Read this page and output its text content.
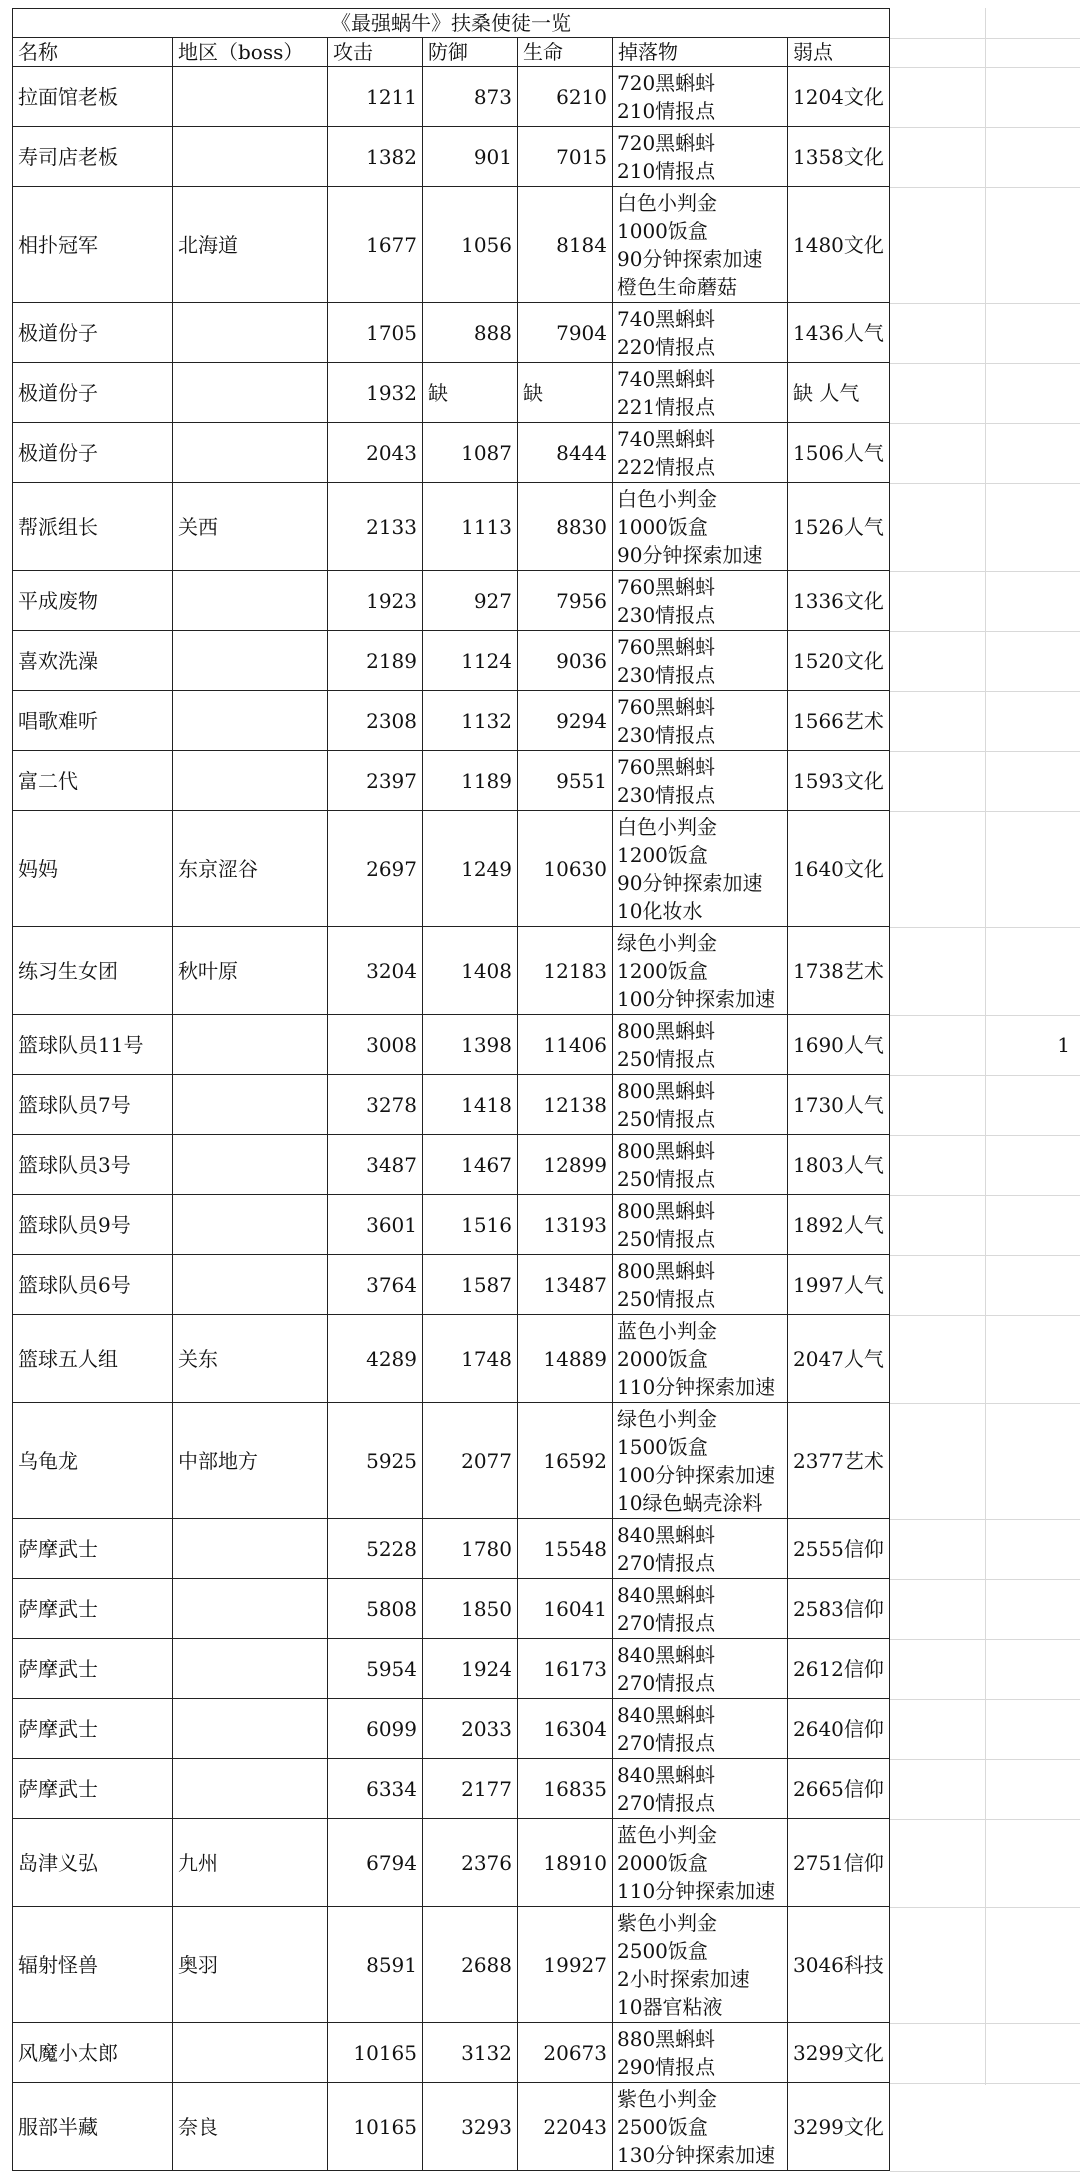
《最强蜗牛》扶桑使徒一览						
名称	地区（boss）	攻击	防御	生命	掉落物	弱点
拉面馆老板		1211	873	6210	720黑蝌蚪
210情报点	1204文化
寿司店老板		1382	901	7015	720黑蝌蚪
210情报点	1358文化
相扑冠军	北海道	1677	1056	8184	白色小判金
1000饭盒
90分钟探索加速
橙色生命蘑菇	1480文化
极道份子		1705	888	7904	740黑蝌蚪
220情报点	1436人气
极道份子		1932	缺	缺	740黑蝌蚪
221情报点	缺 人气
极道份子		2043	1087	8444	740黑蝌蚪
222情报点	1506人气
帮派组长	关西	2133	1113	8830	白色小判金
1000饭盒
90分钟探索加速	1526人气
平成废物		1923	927	7956	760黑蝌蚪
230情报点	1336文化
喜欢洗澡		2189	1124	9036	760黑蝌蚪
230情报点	1520文化
唱歌难听		2308	1132	9294	760黑蝌蚪
230情报点	1566艺术
富二代		2397	1189	9551	760黑蝌蚪
230情报点	1593文化
妈妈	东京涩谷	2697	1249	10630	白色小判金
1200饭盒
90分钟探索加速
10化妆水	1640文化
练习生女团	秋叶原	3204	1408	12183	绿色小判金
1200饭盒
100分钟探索加速	1738艺术
篮球队员11号		3008	1398	11406	800黑蝌蚪
250情报点	1690人气
篮球队员7号		3278	1418	12138	800黑蝌蚪
250情报点	1730人气
篮球队员3号		3487	1467	12899	800黑蝌蚪
250情报点	1803人气
篮球队员9号		3601	1516	13193	800黑蝌蚪
250情报点	1892人气
篮球队员6号		3764	1587	13487	800黑蝌蚪
250情报点	1997人气
篮球五人组	关东	4289	1748	14889	蓝色小判金
2000饭盒
110分钟探索加速	2047人气
乌龟龙	中部地方	5925	2077	16592	绿色小判金
1500饭盒
100分钟探索加速
10绿色蜗壳涂料	2377艺术
萨摩武士		5228	1780	15548	840黑蝌蚪
270情报点	2555信仰
萨摩武士		5808	1850	16041	840黑蝌蚪
270情报点	2583信仰
萨摩武士		5954	1924	16173	840黑蝌蚪
270情报点	2612信仰
萨摩武士		6099	2033	16304	840黑蝌蚪
270情报点	2640信仰
萨摩武士		6334	2177	16835	840黑蝌蚪
270情报点	2665信仰
岛津义弘	九州	6794	2376	18910	蓝色小判金
2000饭盒
110分钟探索加速	2751信仰
辐射怪兽	奥羽	8591	2688	19927	紫色小判金
2500饭盒
2小时探索加速
10器官粘液	3046科技
风魔小太郎		10165	3132	20673	880黑蝌蚪
290情报点	3299文化
服部半藏	奈良	10165	3293	22043	紫色小判金
2500饭盒
130分钟探索加速	3299文化
1
